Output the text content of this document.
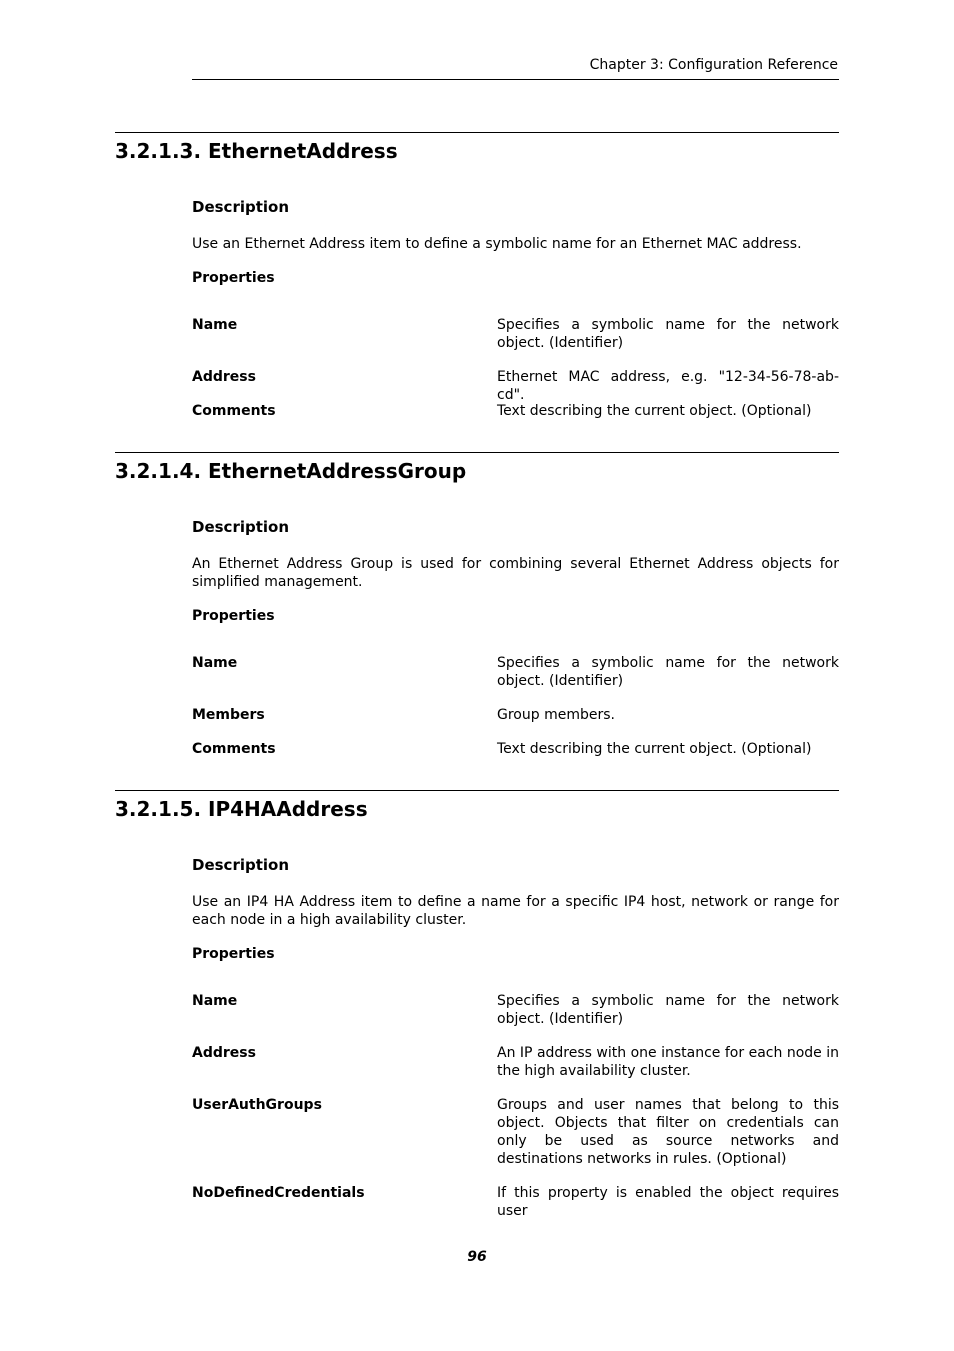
Chapter 3: Configuration Reference
3.2.1.3. EthernetAddress
Description

Use an Ethernet Address item to define a symbolic name for an Ethernet MAC address.

Properties
Name	Specifies a symbolic name for the network object. (Identifier)
Address	Ethernet MAC address, e.g. "12-34-56-78-ab-cd".
Comments	Text describing the current object. (Optional)
3.2.1.4. EthernetAddressGroup
Description

An Ethernet Address Group is used for combining several Ethernet Address objects for simplified management.

Properties
Name	Specifies a symbolic name for the network object. (Identifier)
Members	Group members.
Comments	Text describing the current object. (Optional)
3.2.1.5. IP4HAAddress
Description

Use an IP4 HA Address item to define a name for a specific IP4 host, network or range for each node in a high availability cluster.

Properties
Name	Specifies a symbolic name for the network object. (Identifier)
Address	An IP address with one instance for each node in the high availability cluster.
UserAuthGroups	Groups and user names that belong to this object. Objects that filter on credentials can only be used as source networks and destinations networks in rules. (Optional)
NoDefinedCredentials	If this property is enabled the object requires user
96
